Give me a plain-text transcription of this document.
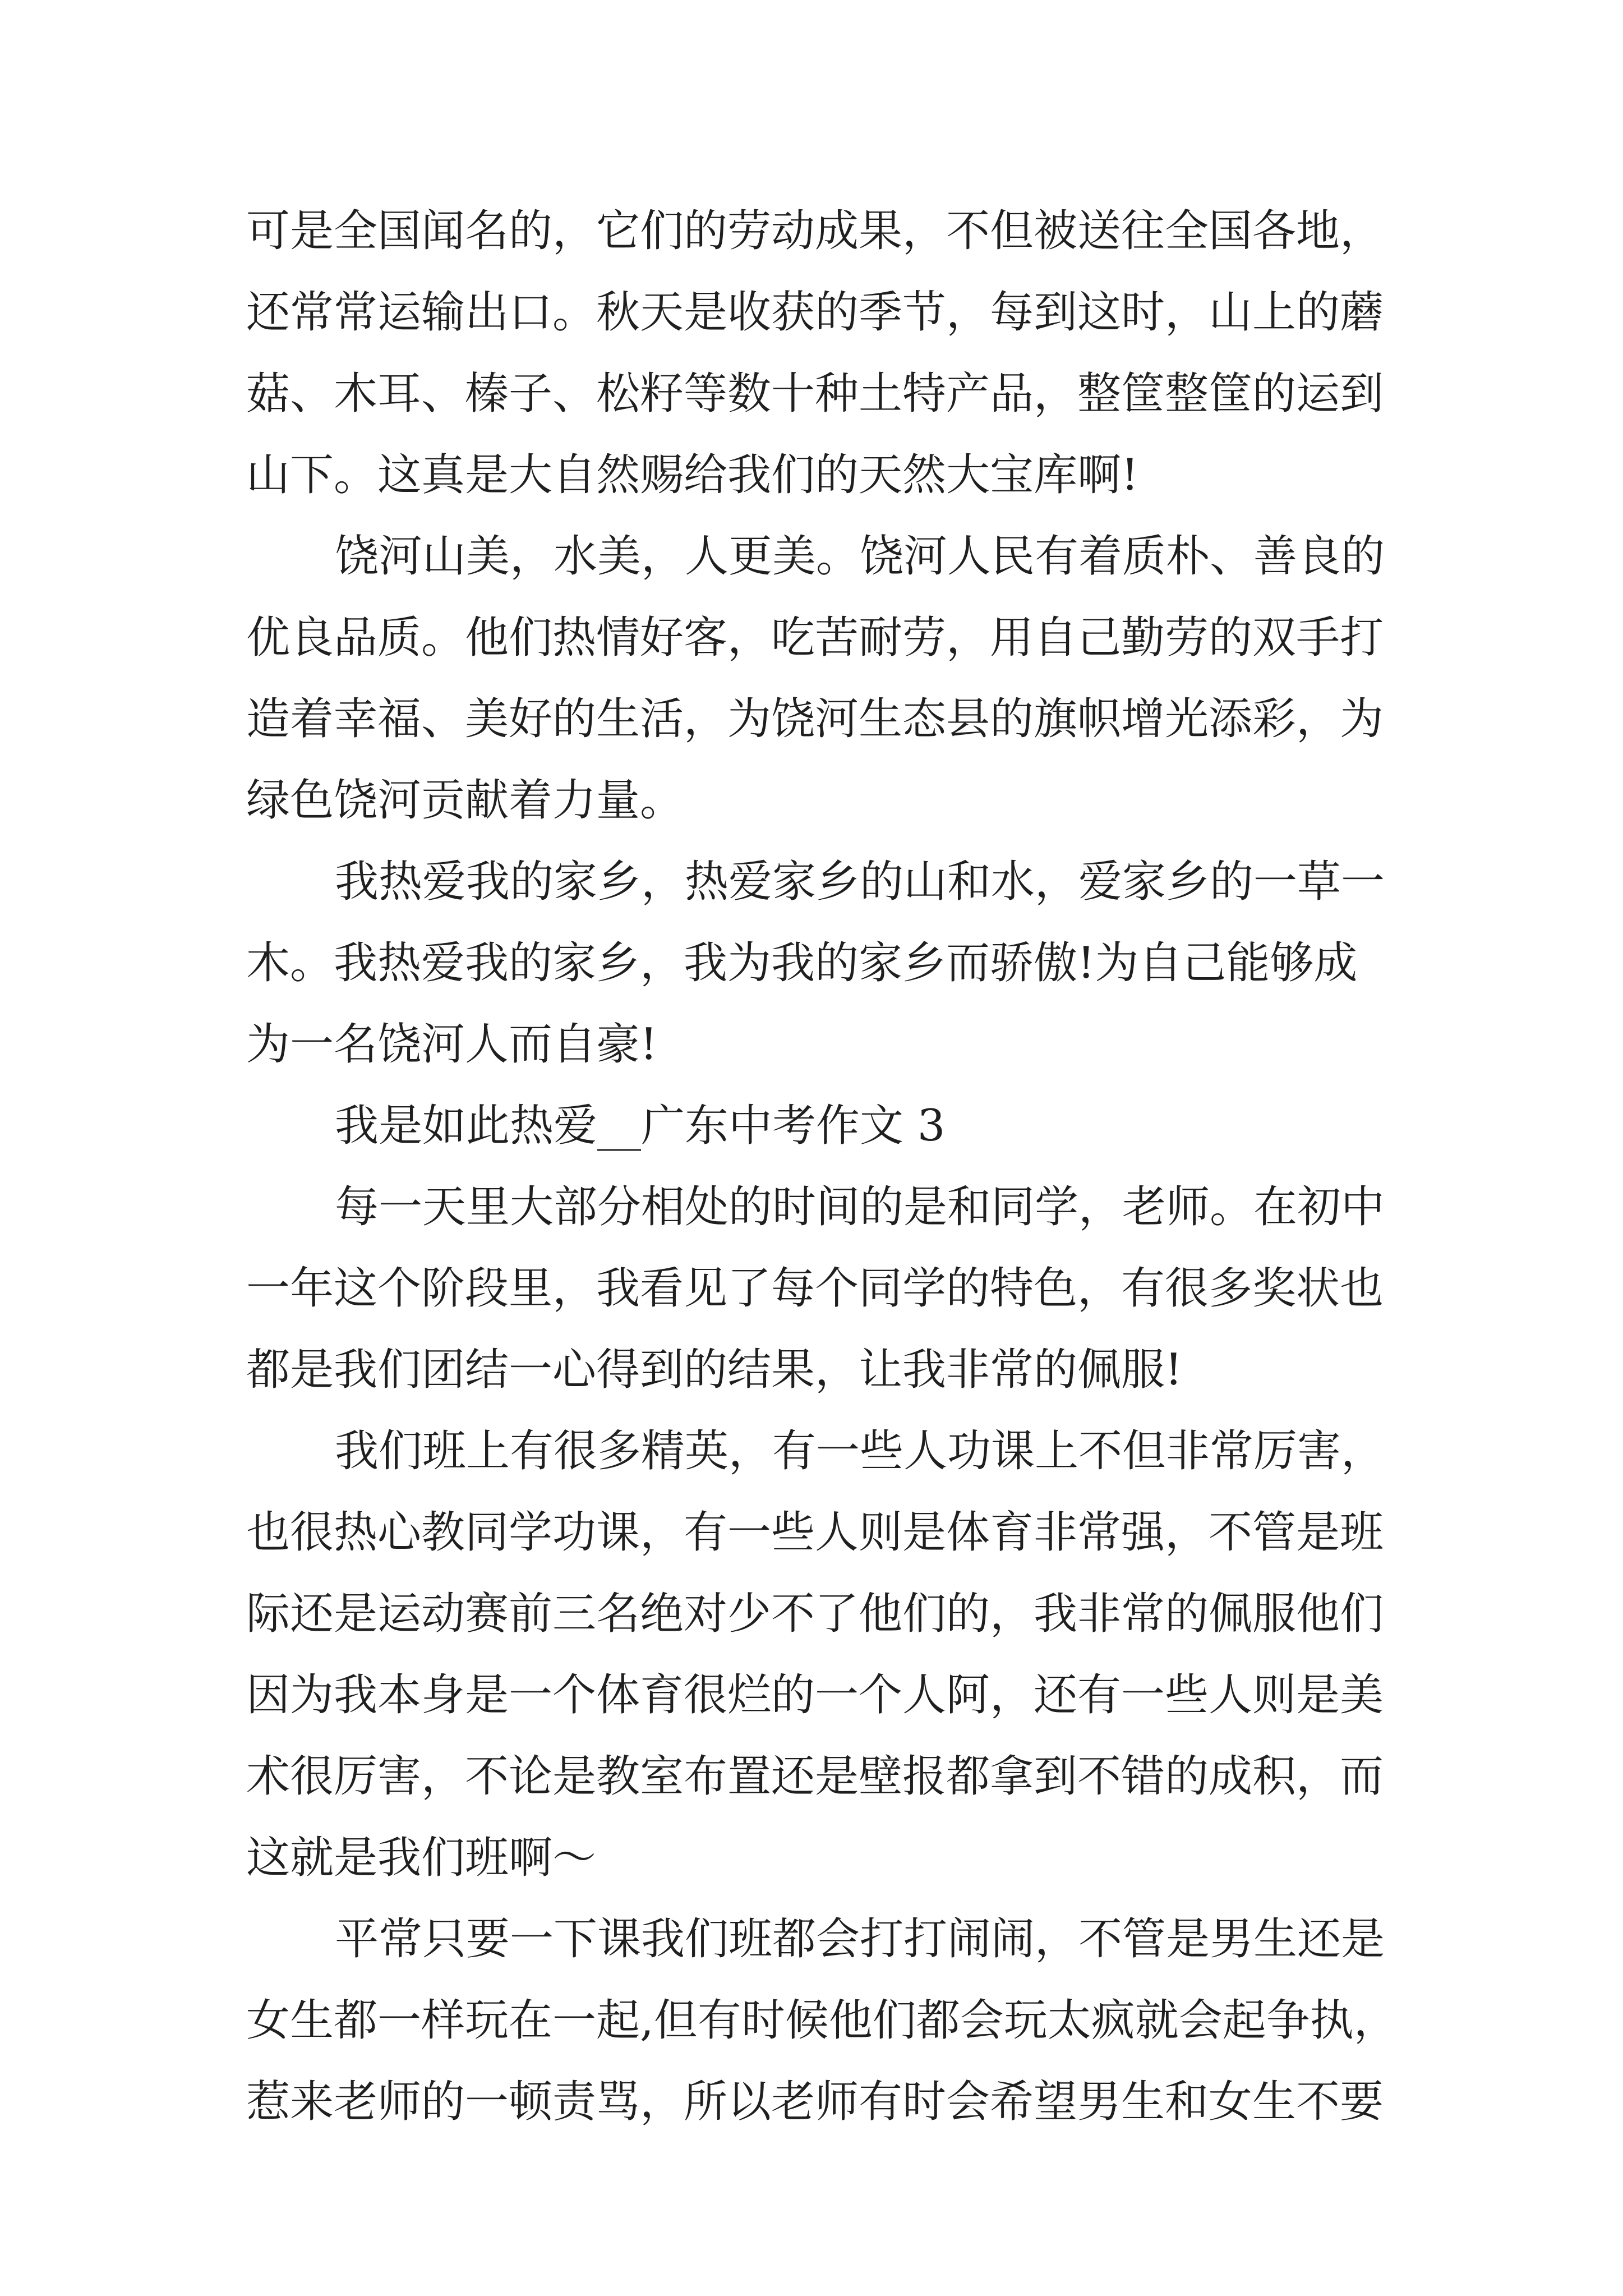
可是全国闻名的，它们的劳动成果，不但被送往全国各地，
还常常运输出口。秋天是收获的季节，每到这时，山上的蘑
菇、木耳、榛子、松籽等数十种土特产品，整筐整筐的运到
山下。这真是大自然赐给我们的天然大宝库啊!
饶河山美，水美，人更美。饶河人民有着质朴、善良的
优良品质。他们热情好客，吃苦耐劳，用自己勤劳的双手打
造着幸福、美好的生活，为饶河生态县的旗帜增光添彩，为
绿色饶河贡献着力量。
我热爱我的家乡，热爱家乡的山和水，爱家乡的一草一
木。我热爱我的家乡，我为我的家乡而骄傲!为自己能够成
为一名饶河人而自豪!
我是如此热爱__广东中考作文 3
每一天里大部分相处的时间的是和同学，老师。在初中
一年这个阶段里，我看见了每个同学的特色，有很多奖状也
都是我们团结一心得到的结果，让我非常的佩服!
我们班上有很多精英，有一些人功课上不但非常厉害，
也很热心教同学功课，有一些人则是体育非常强，不管是班
际还是运动赛前三名绝对少不了他们的，我非常的佩服他们
因为我本身是一个体育很烂的一个人阿，还有一些人则是美
术很厉害，不论是教室布置还是壁报都拿到不错的成积，而
这就是我们班啊～
平常只要一下课我们班都会打打闹闹，不管是男生还是
女生都一样玩在一起,但有时候他们都会玩太疯就会起争执，
惹来老师的一顿责骂，所以老师有时会希望男生和女生不要
